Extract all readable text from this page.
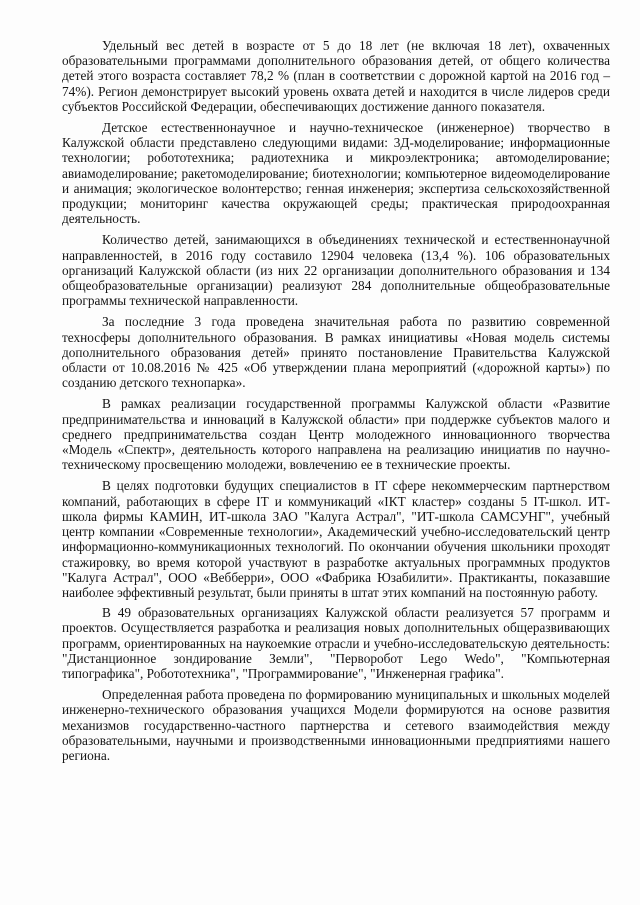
Удельный вес детей в возрасте от 5 до 18 лет (не включая 18 лет), охваченных образовательными программами дополнительного образования детей, от общего количества детей этого возраста составляет 78,2 % (план в соответствии с дорожной картой на 2016 год – 74%). Регион демонстрирует высокий уровень охвата детей и находится в числе лидеров среди субъектов Российской Федерации, обеспечивающих достижение данного показателя.

Детское естественнонаучное и научно-техническое (инженерное) творчество в Калужской области представлено следующими видами: 3Д-моделирование; информационные технологии; робототехника; радиотехника и микроэлектроника; автомоделирование; авиамоделирование; ракетомоделирование; биотехнологии; компьютерное видеомоделирование и анимация; экологическое волонтерство; генная инженерия; экспертиза сельскохозяйственной продукции; мониторинг качества окружающей среды; практическая природоохранная деятельность.

Количество детей, занимающихся в объединениях технической и естественнонаучной направленностей, в 2016 году составило 12904 человека (13,4 %). 106 образовательных организаций Калужской области (из них 22 организации дополнительного образования и 134 общеобразовательные организации) реализуют 284 дополнительные общеобразовательные программы технической направленности.

За последние 3 года проведена значительная работа по развитию современной техносферы дополнительного образования. В рамках инициативы «Новая модель системы дополнительного образования детей» принято постановление Правительства Калужской области от 10.08.2016 № 425 «Об утверждении плана мероприятий («дорожной карты») по созданию детского технопарка».

В рамках реализации государственной программы Калужской области «Развитие предпринимательства и инноваций в Калужской области» при поддержке субъектов малого и среднего предпринимательства создан Центр молодежного инновационного творчества «Модель «Спектр», деятельность которого направлена на реализацию инициатив по научно-техническому просвещению молодежи, вовлечению ее в технические проекты.

В целях подготовки будущих специалистов в IT сфере некоммерческим партнерством компаний, работающих в сфере IT и коммуникаций «IКТ кластер» созданы 5 IT-школ. ИТ-школа фирмы КАМИН, ИТ-школа ЗАО "Калуга Астрал", "ИТ-школа САМСУНГ", учебный центр компании «Современные технологии», Академический учебно-исследовательский центр информационно-коммуникационных технологий. По окончании обучения школьники проходят стажировку, во время которой участвуют в разработке актуальных программных продуктов "Калуга Астрал", ООО «Вебберри», ООО «Фабрика Юзабилити». Практиканты, показавшие наиболее эффективный результат, были приняты в штат этих компаний на постоянную работу.

В 49 образовательных организациях Калужской области реализуется 57 программ и проектов. Осуществляется разработка и реализация новых дополнительных общеразвивающих программ, ориентированных на наукоемкие отрасли и учебно-исследовательскую деятельность: "Дистанционное зондирование Земли", "Перворобот Lego Wedo", "Компьютерная типографика", Робототехника", "Программирование", "Инженерная графика".

Определенная работа проведена по формированию муниципальных и школьных моделей инженерно-технического образования учащихся Модели формируются на основе развития механизмов государственно-частного партнерства и сетевого взаимодействия между образовательными, научными и производственными инновационными предприятиями нашего региона.
